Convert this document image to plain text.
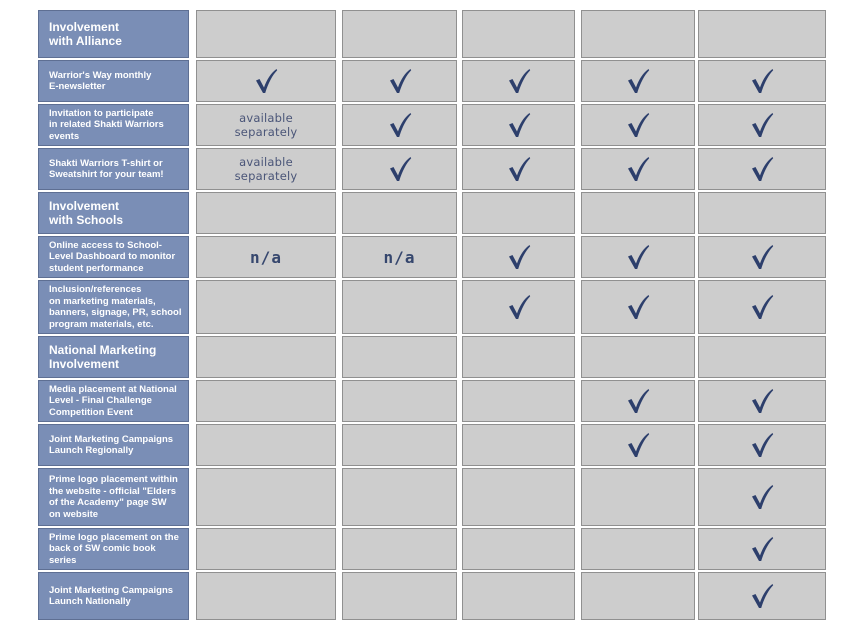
Involvement
with Alliance
Warrior's Way monthly
E-newsletter
Invitation to participate
in related Shakti Warriors
events
available
separately
Shakti Warriors T-shirt or
Sweatshirt for your team!
available
separately
Involvement
with Schools
Online access to School-
Level Dashboard to monitor
student performance
n/a	n/a
Inclusion/references
on marketing materials,
banners, signage, PR, school
program materials, etc.
National Marketing
Involvement
Media placement at National
Level - Final Challenge
Competition Event
Joint Marketing Campaigns
Launch Regionally
Prime logo placement within
the website - official "Elders
of the Academy" page SW
on website
Prime logo placement on the
back of SW comic book series
Joint Marketing Campaigns
Launch Nationally
